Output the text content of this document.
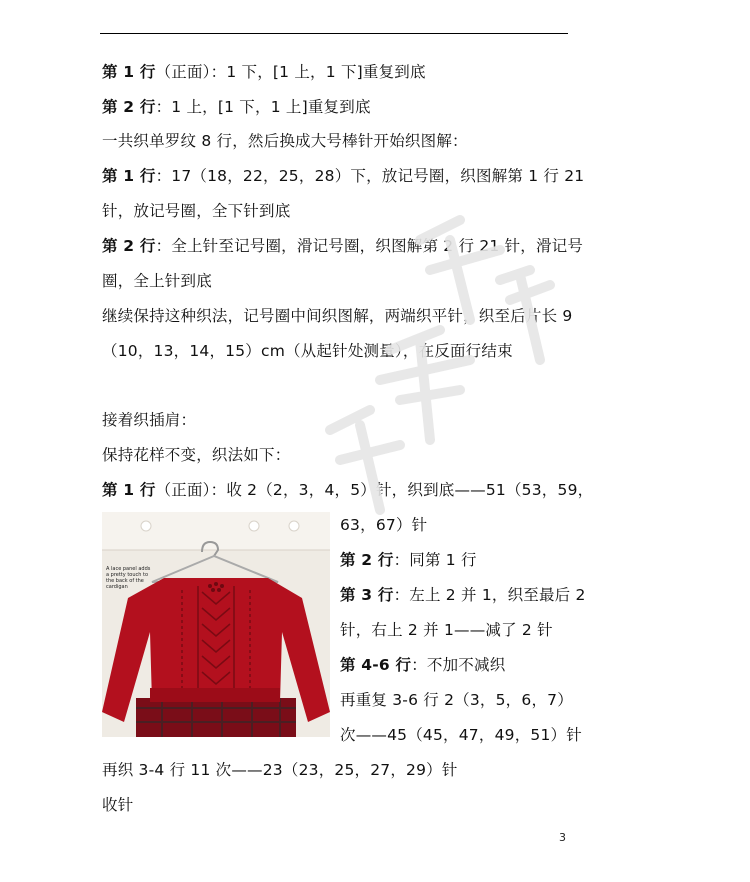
第 1 行（正面）：1 下，[1 上，1 下]重复到底
第 2 行：1 上，[1 下，1 上]重复到底
一共织单罗纹 8 行，然后换成大号棒针开始织图解：
第 1 行：17（18，22，25，28）下，放记号圈，织图解第 1 行 21
针，放记号圈，全下针到底
第 2 行：全上针至记号圈，滑记号圈，织图解第 2 行 21 针，滑记号
圈，全上针到底
继续保持这种织法，记号圈中间织图解，两端织平针，织至后片长 9
（10，13，14，15）cm（从起针处测量），在反面行结束
接着织插肩：
保持花样不变，织法如下：
第 1 行（正面）：收 2（2，3，4，5）针，织到底——51（53，59，
63，67）针
第 2 行：同第 1 行
第 3 行：左上 2 并 1，织至最后 2
针，右上 2 并 1——减了 2 针
第 4-6 行：不加不减织
再重复 3-6 行 2（3，5，6，7）
次——45（45，47，49，51）针
再织 3-4 行 11 次——23（23，25，27，29）针
收针
A lace panel adds a pretty touch to the back of the cardigan
3
